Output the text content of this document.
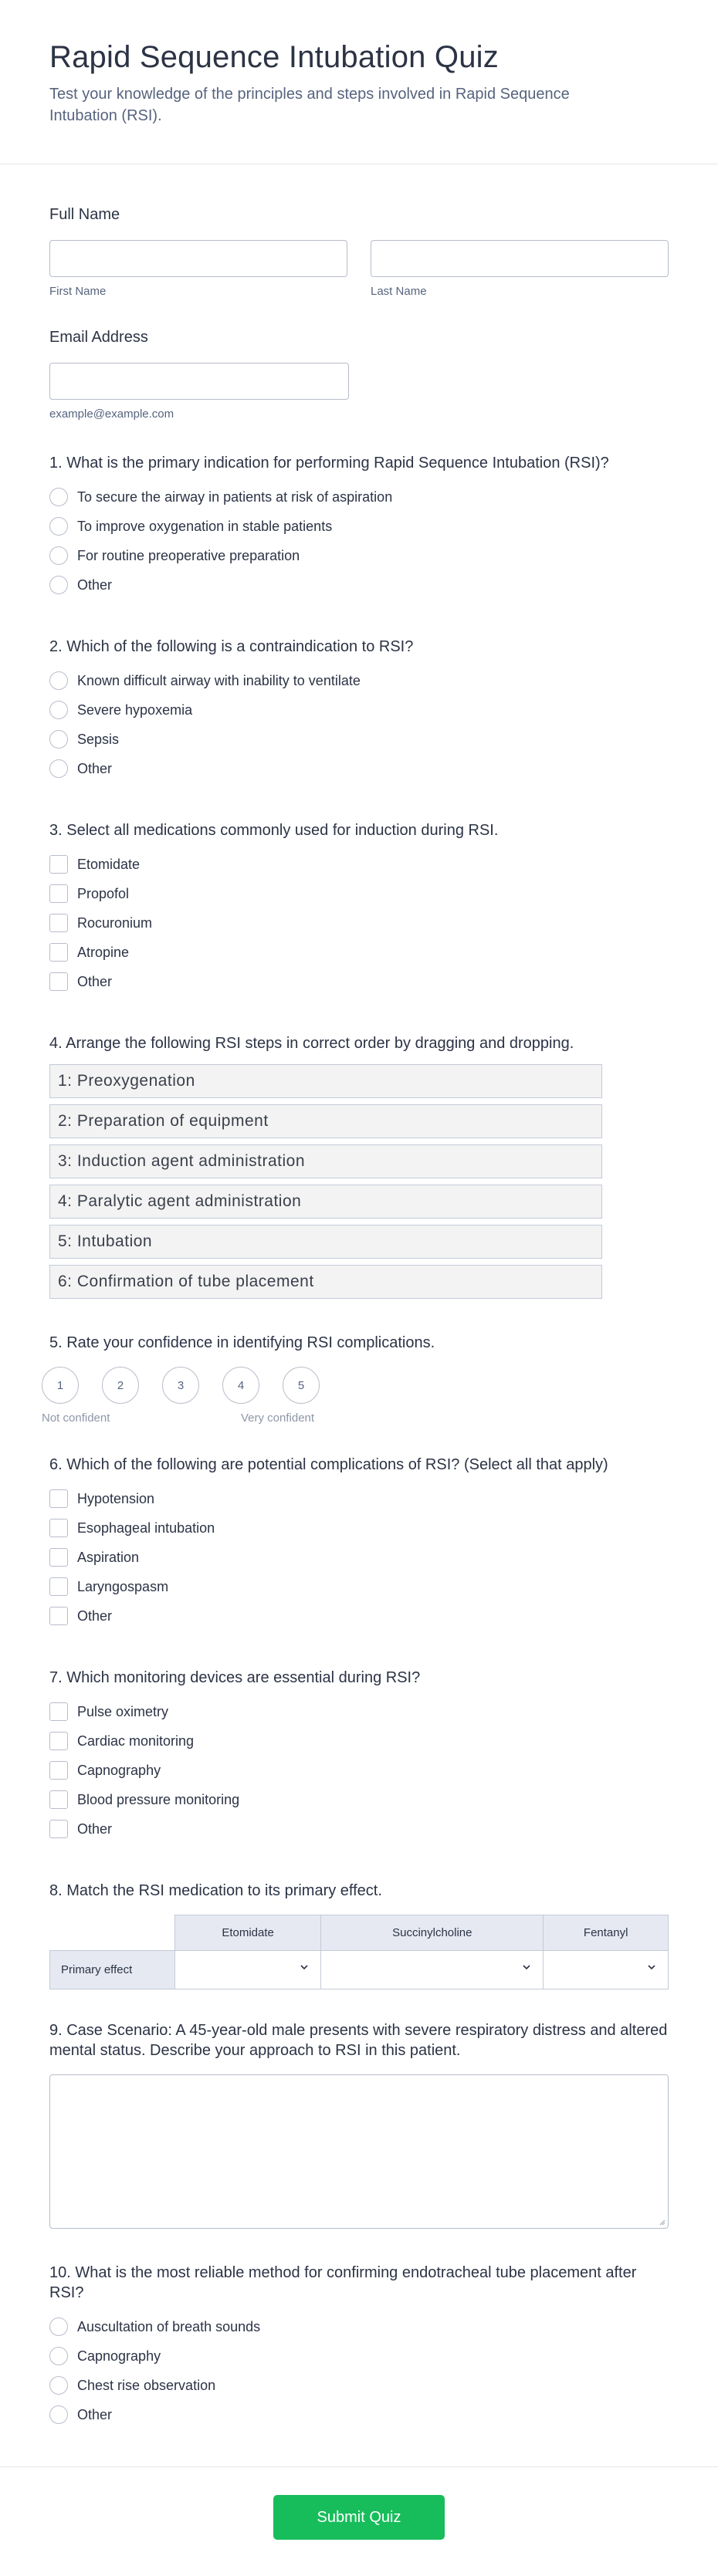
Rapid Sequence Intubation Quiz

Test your knowledge of the principles and steps involved in Rapid Sequence Intubation (RSI).

Full Name
First Name	Last Name
Email Address
example@example.com
1. What is the primary indication for performing Rapid Sequence Intubation (RSI)?
To secure the airway in patients at risk of aspiration
To improve oxygenation in stable patients
For routine preoperative preparation
Other
2. Which of the following is a contraindication to RSI?
Known difficult airway with inability to ventilate
Severe hypoxemia
Sepsis
Other
3. Select all medications commonly used for induction during RSI.
Etomidate
Propofol
Rocuronium
Atropine
Other
4. Arrange the following RSI steps in correct order by dragging and dropping.
1: Preoxygenation
2: Preparation of equipment
3: Induction agent administration
4: Paralytic agent administration
5: Intubation
6: Confirmation of tube placement
5. Rate your confidence in identifying RSI complications.
1	2	3	4	5
Not confident	Very confident
6. Which of the following are potential complications of RSI? (Select all that apply)
Hypotension
Esophageal intubation
Aspiration
Laryngospasm
Other
7. Which monitoring devices are essential during RSI?
Pulse oximetry
Cardiac monitoring
Capnography
Blood pressure monitoring
Other
8. Match the RSI medication to its primary effect.
	Etomidate	Succinylcholine	Fentanyl
Primary effect	

9. Case Scenario: A 45-year-old male presents with severe respiratory distress and altered mental status. Describe your approach to RSI in this patient.
10. What is the most reliable method for confirming endotracheal tube placement after RSI?
Auscultation of breath sounds
Capnography
Chest rise observation
Other
Submit Quiz
